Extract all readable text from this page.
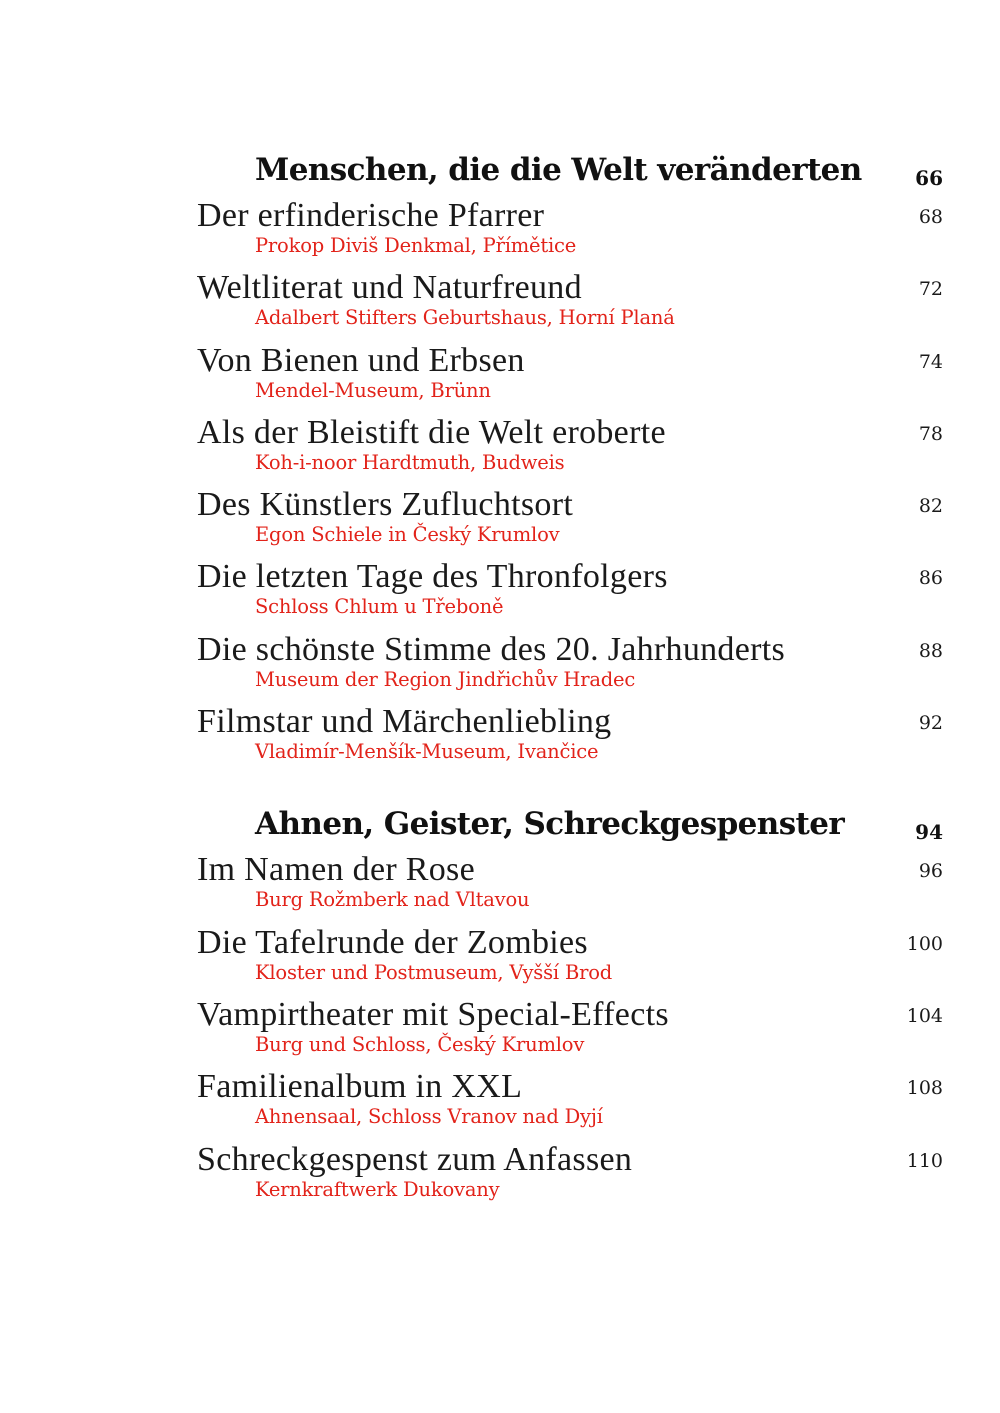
Menschen, die die Welt veränderten	66
Der erfinderische Pfarrer	68
Prokop Diviš Denkmal, Přímětice
Weltliterat und Naturfreund	72
Adalbert Stifters Geburtshaus, Horní Planá
Von Bienen und Erbsen	74
Mendel-Museum, Brünn
Als der Bleistift die Welt eroberte	78
Koh-i-noor Hardtmuth, Budweis
Des Künstlers Zufluchtsort	82
Egon Schiele in Český Krumlov
Die letzten Tage des Thronfolgers	86
Schloss Chlum u Třeboně
Die schönste Stimme des 20. Jahrhunderts	88
Museum der Region Jindřichův Hradec
Filmstar und Märchenliebling	92
Vladimír-Menšík-Museum, Ivančice
Ahnen, Geister, Schreckgespenster	94
Im Namen der Rose	96
Burg Rožmberk nad Vltavou
Die Tafelrunde der Zombies	100
Kloster und Postmuseum, Vyšší Brod
Vampirtheater mit Special-Effects	104
Burg und Schloss, Český Krumlov
Familienalbum in XXL	108
Ahnensaal, Schloss Vranov nad Dyjí
Schreckgespenst zum Anfassen	110
Kernkraftwerk Dukovany
